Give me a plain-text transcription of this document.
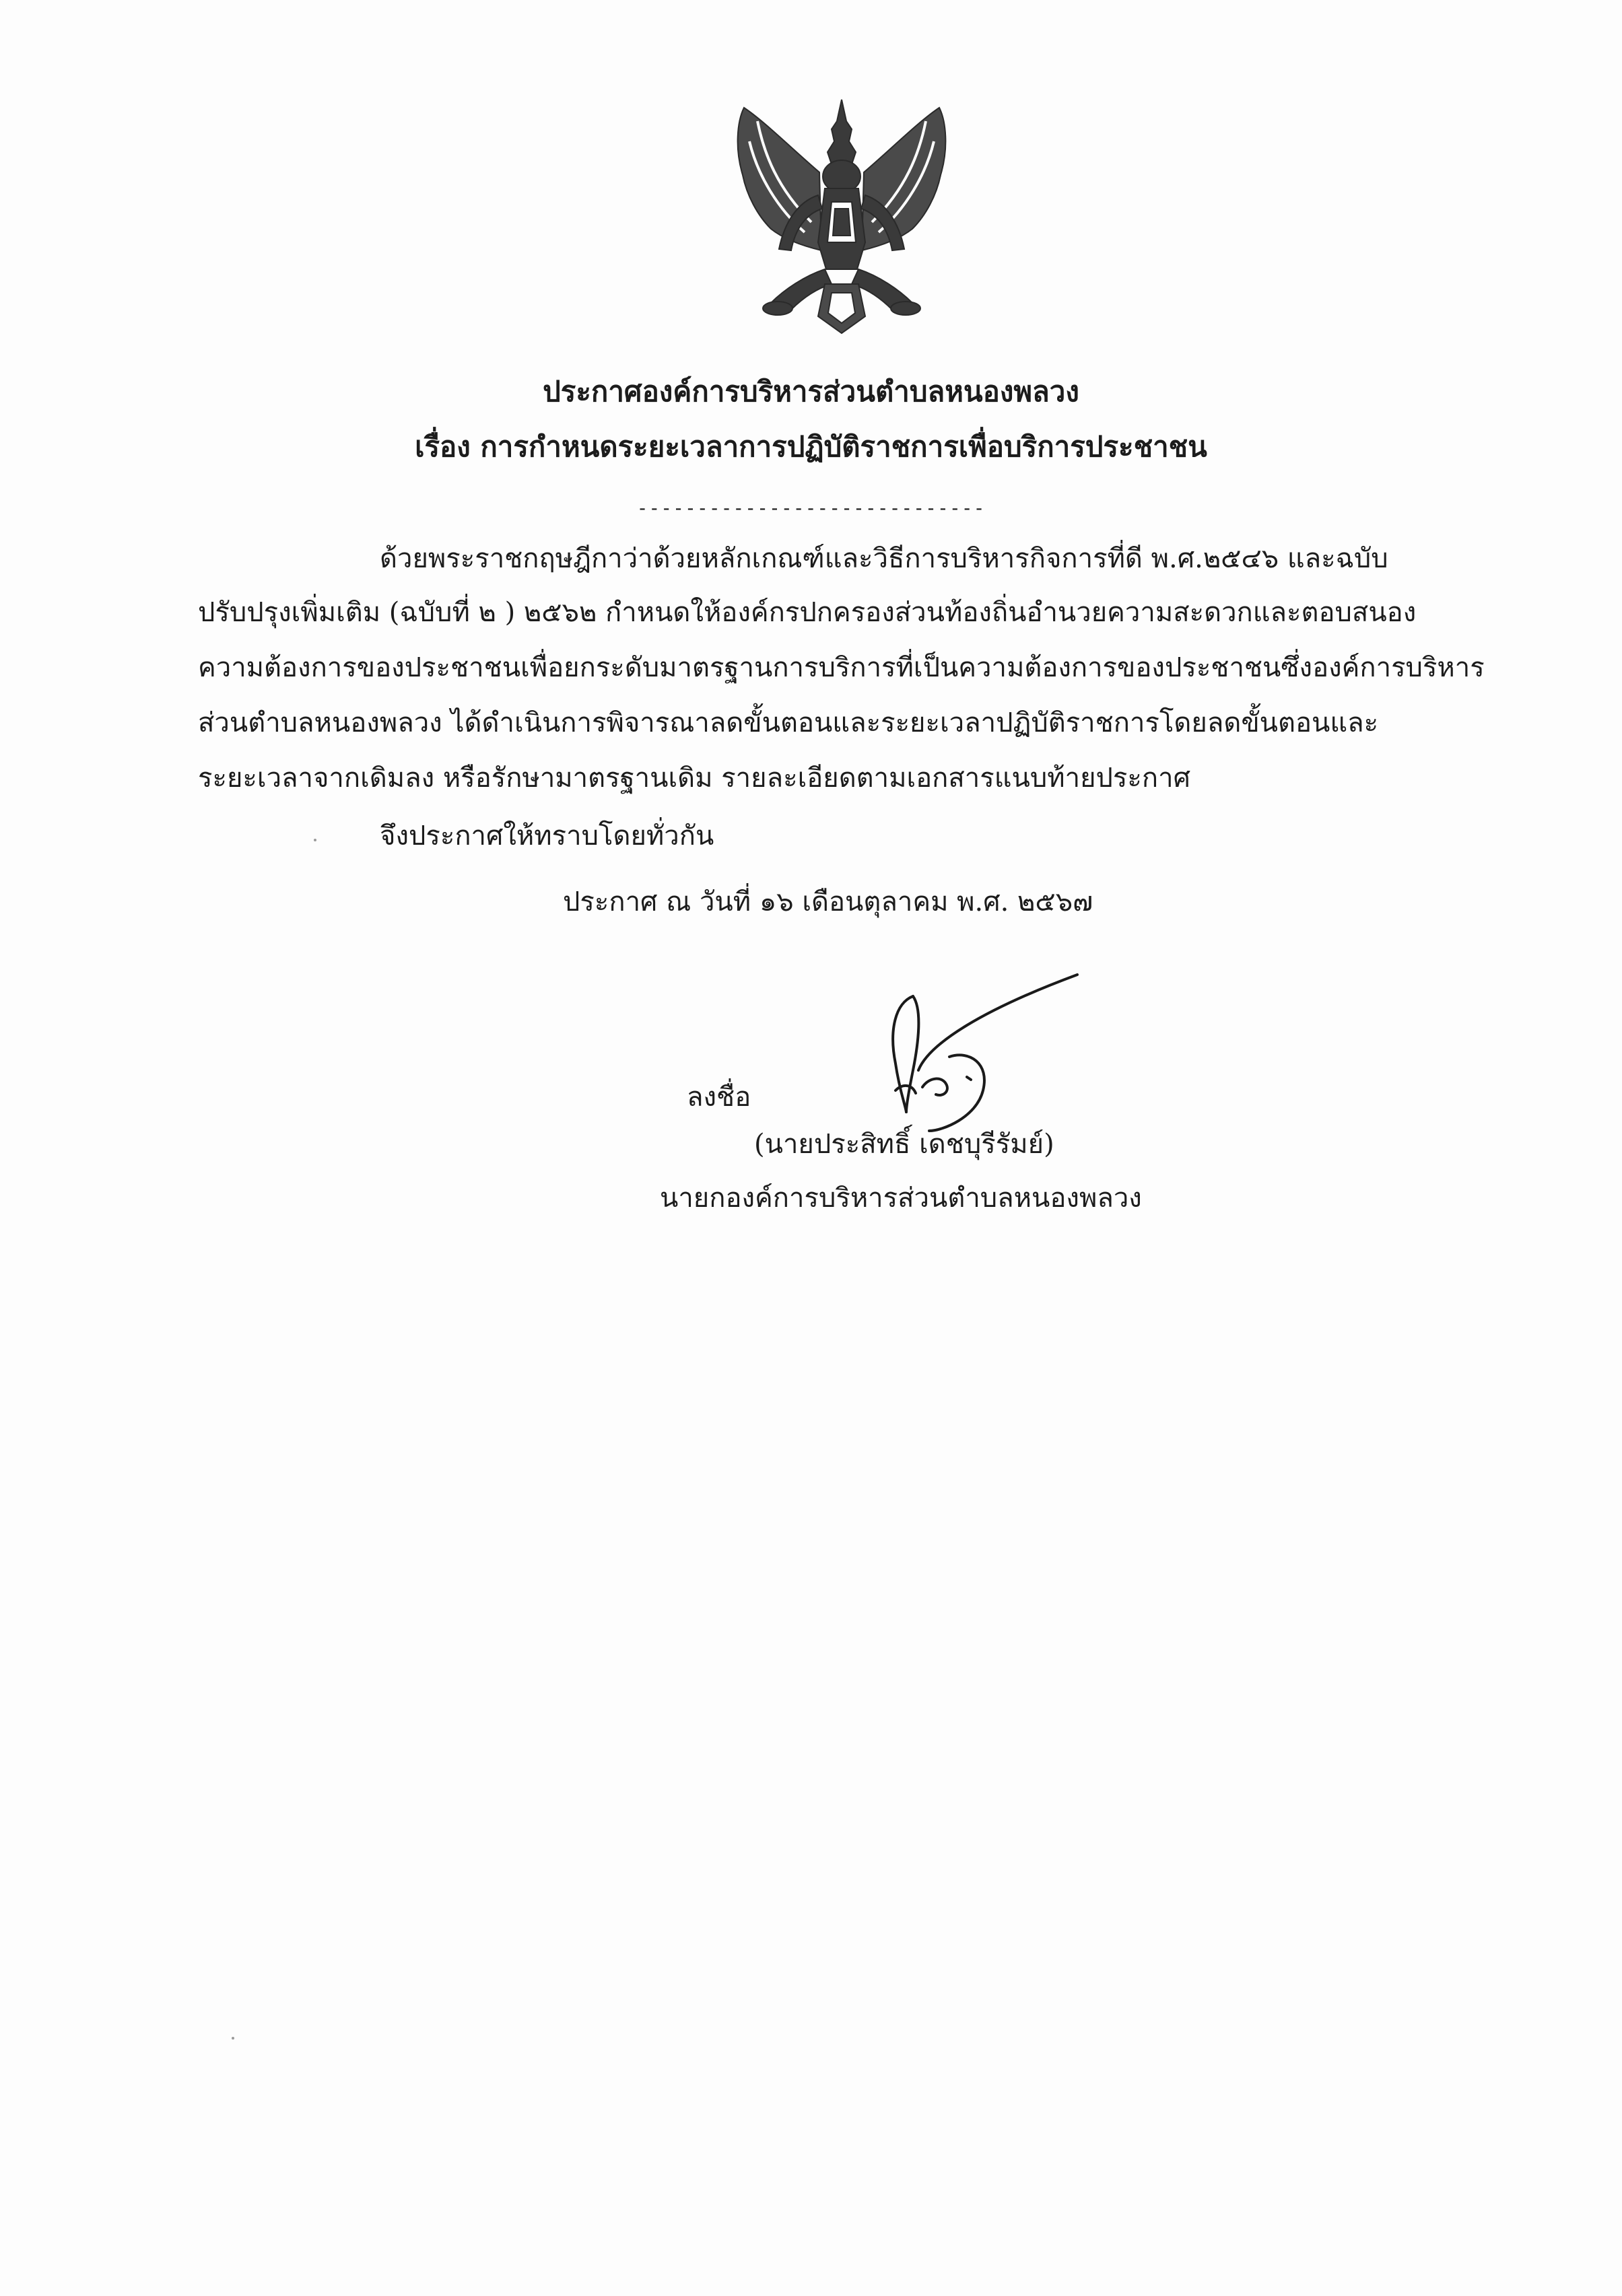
ประกาศองค์การบริหารส่วนตำบลหนองพลวง
เรื่อง การกำหนดระยะเวลาการปฏิบัติราชการเพื่อบริการประชาชน
-----------------------------
ด้วยพระราชกฤษฎีกาว่าด้วยหลักเกณฑ์และวิธีการบริหารกิจการที่ดี พ.ศ.๒๕๔๖ และฉบับ
ปรับปรุงเพิ่มเติม (ฉบับที่ ๒ ) ๒๕๖๒ กำหนดให้องค์กรปกครองส่วนท้องถิ่นอำนวยความสะดวกและตอบสนอง
ความต้องการของประชาชนเพื่อยกระดับมาตรฐานการบริการที่เป็นความต้องการของประชาชนซึ่งองค์การบริหาร
ส่วนตำบลหนองพลวง ได้ดำเนินการพิจารณาลดขั้นตอนและระยะเวลาปฏิบัติราชการโดยลดขั้นตอนและ
ระยะเวลาจากเดิมลง หรือรักษามาตรฐานเดิม รายละเอียดตามเอกสารแนบท้ายประกาศ
จึงประกาศให้ทราบโดยทั่วกัน
ประกาศ ณ วันที่ ๑๖ เดือนตุลาคม พ.ศ. ๒๕๖๗
ลงชื่อ
(นายประสิทธิ์ เดชบุรีรัมย์)
นายกองค์การบริหารส่วนตำบลหนองพลวง
